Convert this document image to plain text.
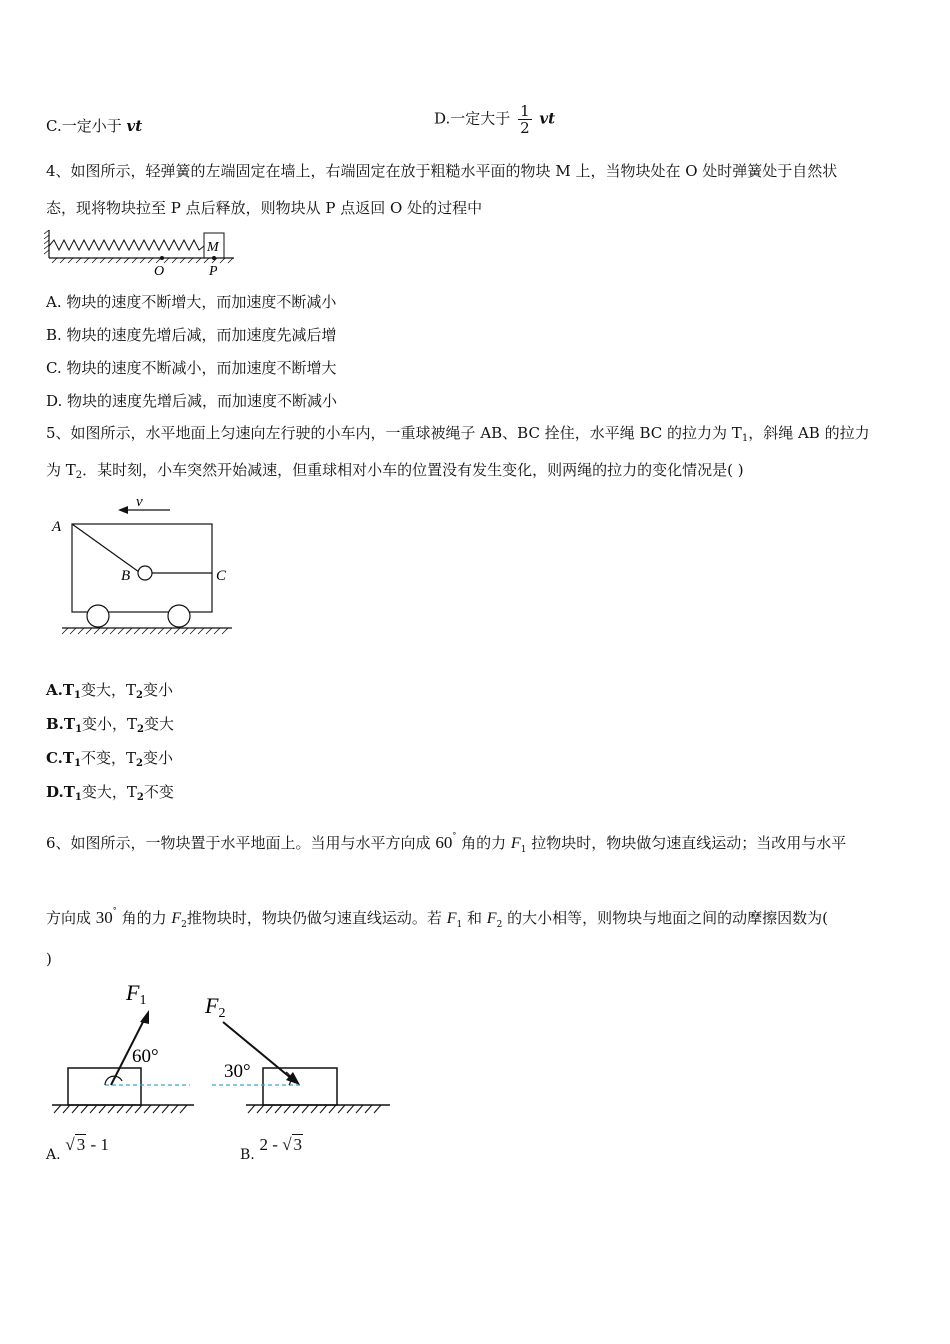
C.一定小于 vt	D.一定大于 $\frac{1}{2}$ vt
4、如图所示，轻弹簧的左端固定在墙上，右端固定在放于粗糙水平面的物块 M 上，当物块处在 O 处时弹簧处于自然状
态，现将物块拉至 P 点后释放，则物块从 P 点返回 O 处的过程中
M
O	P
A. 物块的速度不断增大，而加速度不断减小
B. 物块的速度先增后减，而加速度先减后增
C. 物块的速度不断减小，而加速度不断增大
D. 物块的速度先增后减，而加速度不断减小
5、如图所示，水平地面上匀速向左行驶的小车内，一重球被绳子 AB、BC 拴住，水平绳 BC 的拉力为 $T_1$，斜绳 AB 的拉力
为 $T_2$．某时刻，小车突然开始减速，但重球相对小车的位置没有发生变化，则两绳的拉力的变化情况是( )
v
A
B	C
$A.T_1$变大，$T_2$变小
$B.T_1$变小，$T_2$变大
$C.T_1$不变，$T_2$变小
$D.T_1$变大，$T_2$不变
6、如图所示，一物块置于水平地面上。当用与水平方向成 60° 角的力 $F_1$ 拉物块时，物块做匀速直线运动；当改用与水平
方向成 30° 角的力 $F_2$推物块时，物块仍做匀速直线运动。若 $F_1$ 和 $F_2$ 的大小相等，则物块与地面之间的动摩擦因数为(
)
F1
60°
F2
30°
A. √ 3 - 1
B. 2 - √ 3
